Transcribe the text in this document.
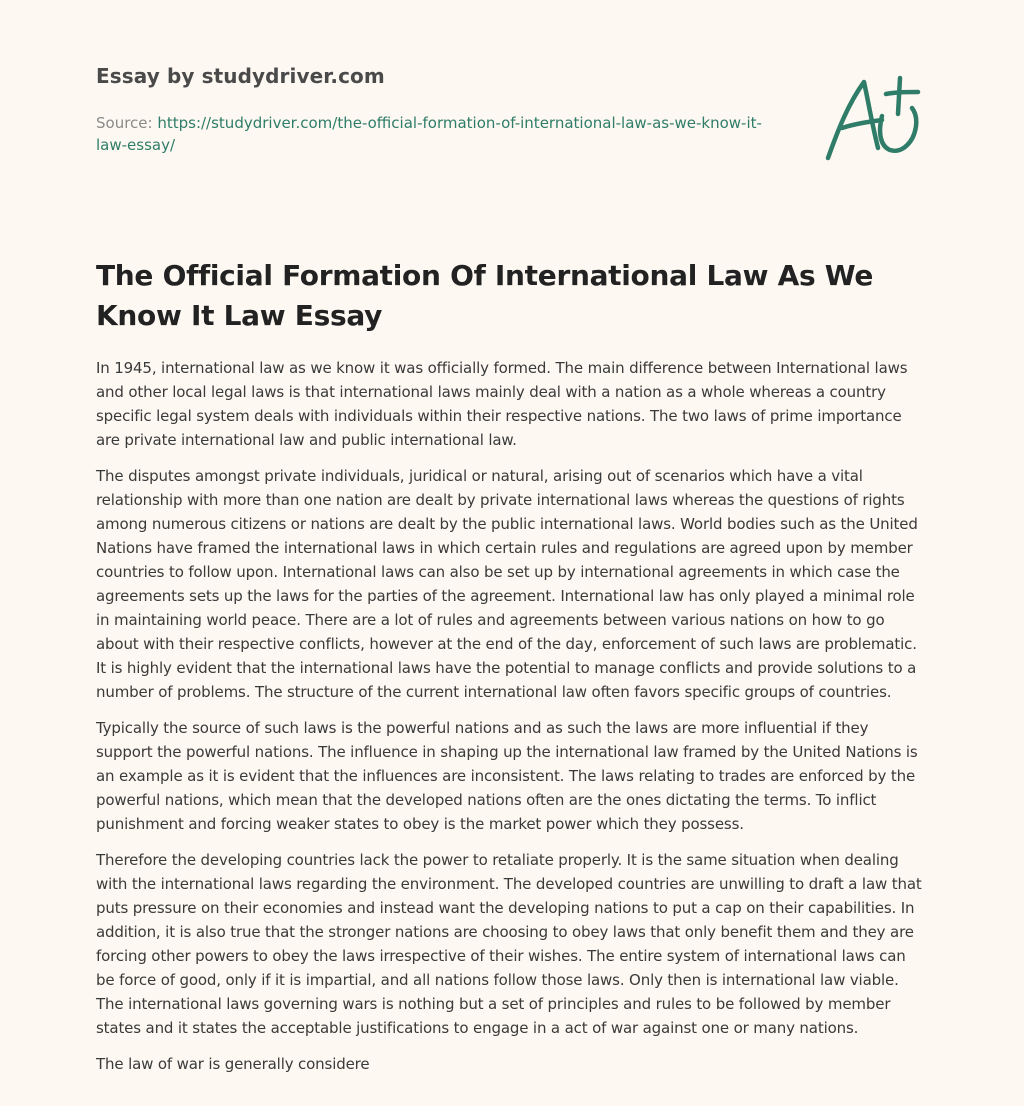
Essay by studydriver.com
Source: https://studydriver.com/the-official-formation-of-international-law-as-we-know-it-law-essay/
The Official Formation Of International Law As We Know It Law Essay

In 1945, international law as we know it was officially formed. The main difference between International laws and other local legal laws is that international laws mainly deal with a nation as a whole whereas a country specific legal system deals with individuals within their respective nations. The two laws of prime importance are private international law and public international law.

The disputes amongst private individuals, juridical or natural, arising out of scenarios which have a vital relationship with more than one nation are dealt by private international laws whereas the questions of rights among numerous citizens or nations are dealt by the public international laws. World bodies such as the United Nations have framed the international laws in which certain rules and regulations are agreed upon by member countries to follow upon. International laws can also be set up by international agreements in which case the agreements sets up the laws for the parties of the agreement. International law has only played a minimal role in maintaining world peace. There are a lot of rules and agreements between various nations on how to go about with their respective conflicts, however at the end of the day, enforcement of such laws are problematic. It is highly evident that the international laws have the potential to manage conflicts and provide solutions to a number of problems. The structure of the current international law often favors specific groups of countries.

Typically the source of such laws is the powerful nations and as such the laws are more influential if they support the powerful nations. The influence in shaping up the international law framed by the United Nations is an example as it is evident that the influences are inconsistent. The laws relating to trades are enforced by the powerful nations, which mean that the developed nations often are the ones dictating the terms. To inflict punishment and forcing weaker states to obey is the market power which they possess.

Therefore the developing countries lack the power to retaliate properly. It is the same situation when dealing with the international laws regarding the environment. The developed countries are unwilling to draft a law that puts pressure on their economies and instead want the developing nations to put a cap on their capabilities. In addition, it is also true that the stronger nations are choosing to obey laws that only benefit them and they are forcing other powers to obey the laws irrespective of their wishes. The entire system of international laws can be force of good, only if it is impartial, and all nations follow those laws. Only then is international law viable. The international laws governing wars is nothing but a set of principles and rules to be followed by member states and it states the acceptable justifications to engage in a act of war against one or many nations.

The law of war is generally considere
